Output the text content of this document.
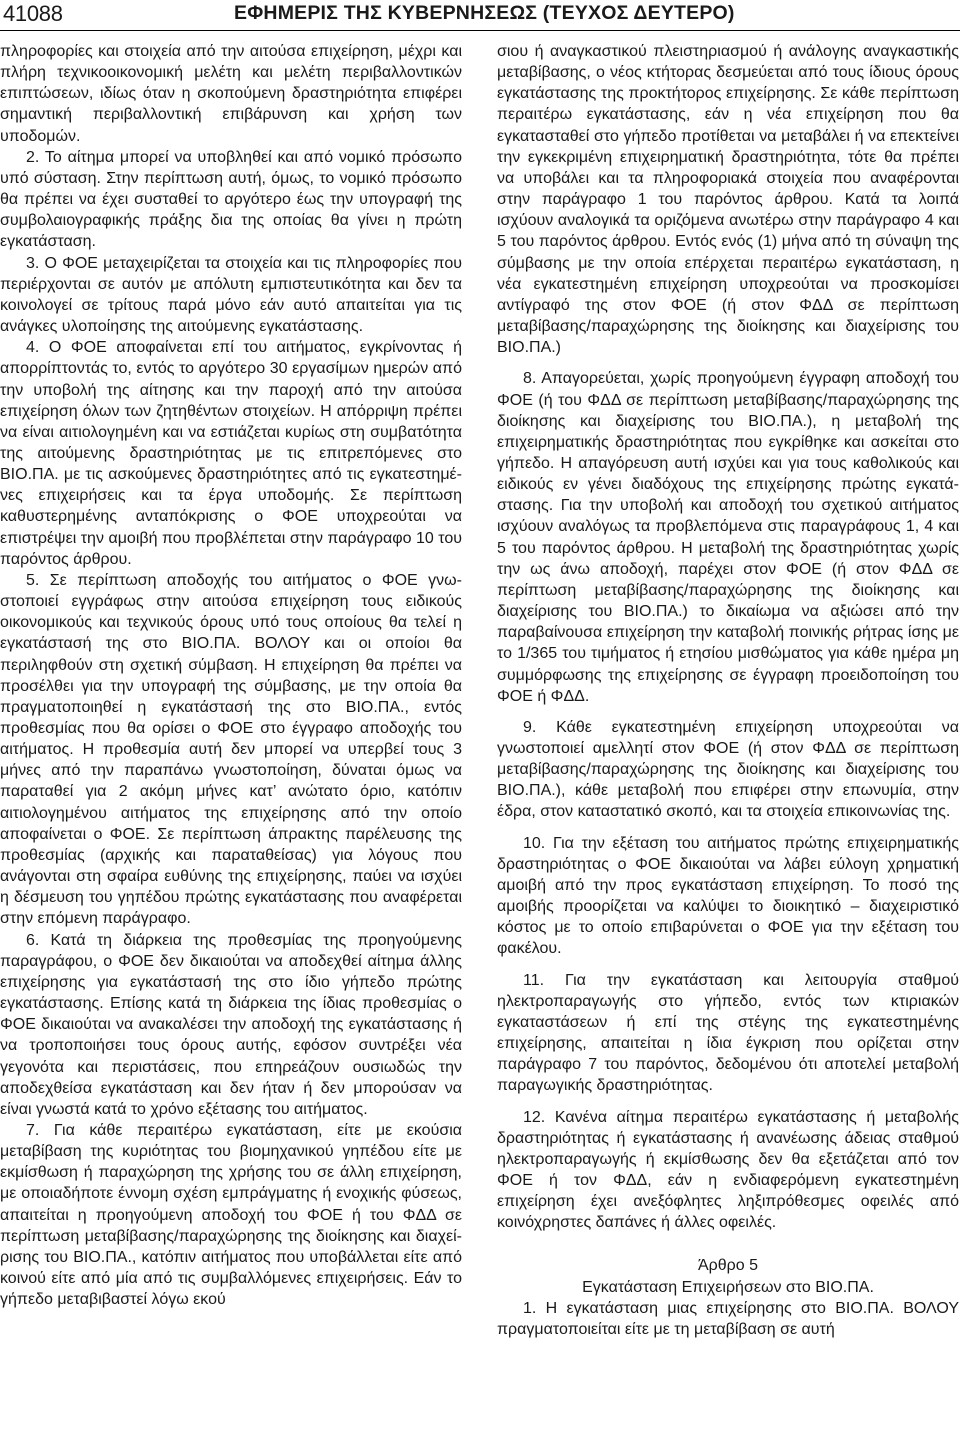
41088	ΕΦΗΜΕΡΙΣ ΤΗΣ ΚΥΒΕΡΝΗΣΕΩΣ (ΤΕΥΧΟΣ ΔΕΥΤΕΡΟ)

πληροφορίες και στοιχεία από την αιτούσα επιχείρηση, μέχρι και πλήρη τεχνικοοικονομική μελέτη και μελέτη περιβαλλοντικών επιπτώσεων, ιδίως όταν η σκοπούμενη δραστηριότητα επιφέρει σημαντική περιβαλλοντική επιβάρυνση και χρήση των υποδομών.

2. Το αίτημα μπορεί να υποβληθεί και από νομικό πρόσωπο υπό σύσταση. Στην περίπτωση αυτή, όμως, το νομικό πρόσωπο θα πρέπει να έχει συσταθεί το αργότερο έως την υπογραφή της συμβολαιογραφικής πράξης δια της οποίας θα γίνει η πρώτη εγκατάσταση.

3. Ο ΦΟΕ μεταχειρίζεται τα στοιχεία και τις πληροφορίες που περιέρχονται σε αυτόν με απόλυτη εμπιστευτικότητα και δεν τα κοινολογεί σε τρίτους παρά μόνο εάν αυτό απαιτείται για τις ανάγκες υλοποίησης της αιτούμενης εγκατάστασης.

4. Ο ΦΟΕ αποφαίνεται επί του αιτήματος, εγκρίνοντας ή απορρίπτοντάς το, εντός το αργότερο 30 εργασίμων ημερών από την υποβολή της αίτησης και την παροχή από την αιτούσα επιχείρηση όλων των ζητηθέντων στοιχείων. Η απόρριψη πρέπει να είναι αιτιολογημένη και να εστιάζεται κυρίως στη συμβατότητα της αιτούμενης δραστηριότητας με τις επιτρεπόμενες στο ΒΙΟ.ΠΑ. με τις ασκούμενες δραστηριότητες από τις εγκατεστημένες επιχειρήσεις και τα έργα υποδομής. Σε περίπτωση καθυστερημένης ανταπόκρισης ο ΦΟΕ υποχρεούται να επιστρέψει την αμοιβή που προβλέπεται στην παράγραφο 10 του παρόντος άρθρου.

5. Σε περίπτωση αποδοχής του αιτήματος ο ΦΟΕ γνωστοποιεί εγγράφως στην αιτούσα επιχείρηση τους ειδικούς οικονομικούς και τεχνικούς όρους υπό τους οποίους θα τελεί η εγκατάστασή της στο ΒΙΟ.ΠΑ. ΒΟΛΟΥ και οι οποίοι θα περιληφθούν στη σχετική σύμβαση. Η επιχείρηση θα πρέπει να προσέλθει για την υπογραφή της σύμβασης, με την οποία θα πραγματοποιηθεί η εγκατάστασή της στο ΒΙΟ.ΠΑ., εντός προθεσμίας που θα ορίσει ο ΦΟΕ στο έγγραφο αποδοχής του αιτήματος. Η προθεσμία αυτή δεν μπορεί να υπερβεί τους 3 μήνες από την παραπάνω γνωστοποίηση, δύναται όμως να παραταθεί για 2 ακόμη μήνες κατ’ ανώτατο όριο, κατόπιν αιτιολογημένου αιτήματος της επιχείρησης από την οποίο αποφαίνεται ο ΦΟΕ. Σε περίπτωση άπρακτης παρέλευσης της προθεσμίας (αρχικής και παραταθείσας) για λόγους που ανάγονται στη σφαίρα ευθύνης της επιχείρησης, παύει να ισχύει η δέσμευση του γηπέδου πρώτης εγκατάστασης που αναφέρεται στην επόμενη παράγραφο.

6. Κατά τη διάρκεια της προθεσμίας της προηγούμενης παραγράφου, ο ΦΟΕ δεν δικαιούται να αποδεχθεί αίτημα άλλης επιχείρησης για εγκατάστασή της στο ίδιο γήπεδο πρώτης εγκατάστασης. Επίσης κατά τη διάρκεια της ίδιας προθεσμίας ο ΦΟΕ δικαιούται να ανακαλέσει την αποδοχή της εγκατάστασης ή να τροποποιήσει τους όρους αυτής, εφόσον συντρέξει νέα γεγονότα και περιστάσεις, που επηρεάζουν ουσιωδώς την αποδεχθείσα εγκατάσταση και δεν ήταν ή δεν μπορούσαν να είναι γνωστά κατά το χρόνο εξέτασης του αιτήματος.

7. Για κάθε περαιτέρω εγκατάσταση, είτε με εκούσια μεταβίβαση της κυριότητας του βιομηχανικού γηπέδου είτε με εκμίσθωση ή παραχώρηση της χρήσης του σε άλλη επιχείρηση, με οποιαδήποτε έννομη σχέση εμπράγματης ή ενοχικής φύσεως, απαιτείται η προηγούμενη αποδοχή του ΦΟΕ ή του ΦΔΔ σε περίπτωση μεταβίβασης/παραχώρησης της διοίκησης και διαχείρισης του ΒΙΟ.ΠΑ., κατόπιν αιτήματος που υποβάλλεται είτε από κοινού είτε από μία από τις συμβαλλόμενες επιχειρήσεις. Εάν το γήπεδο μεταβιβαστεί λόγω εκού

σιου ή αναγκαστικού πλειστηριασμού ή ανάλογης αναγκαστικής μεταβίβασης, ο νέος κτήτορας δεσμεύεται από τους ίδιους όρους εγκατάστασης της προκτήτορος επιχείρησης. Σε κάθε περίπτωση περαιτέρω εγκατάστασης, εάν η νέα επιχείρηση που θα εγκατασταθεί στο γήπεδο προτίθεται να μεταβάλει ή να επεκτείνει την εγκεκριμένη επιχειρηματική δραστηριότητα, τότε θα πρέπει να υποβάλει και τα πληροφοριακά στοιχεία που αναφέρονται στην παράγραφο 1 του παρόντος άρθρου. Κατά τα λοιπά ισχύουν αναλογικά τα οριζόμενα ανωτέρω στην παράγραφο 4 και 5 του παρόντος άρθρου. Εντός ενός (1) μήνα από τη σύναψη της σύμβασης με την οποία επέρχεται περαιτέρω εγκατάσταση, η νέα εγκατεστημένη επιχείρηση υποχρεούται να προσκομίσει αντίγραφό της στον ΦΟΕ (ή στον ΦΔΔ σε περίπτωση μεταβίβασης/παραχώρησης της διοίκησης και διαχείρισης του ΒΙΟ.ΠΑ.)

8. Απαγορεύεται, χωρίς προηγούμενη έγγραφη αποδοχή του ΦΟΕ (ή του ΦΔΔ σε περίπτωση μεταβίβασης/παραχώρησης της διοίκησης και διαχείρισης του ΒΙΟ.ΠΑ.), η μεταβολή της επιχειρηματικής δραστηριότητας που εγκρίθηκε και ασκείται στο γήπεδο. Η απαγόρευση αυτή ισχύει και για τους καθολικούς και ειδικούς εν γένει διαδόχους της επιχείρησης πρώτης εγκατάστασης. Για την υποβολή και αποδοχή του σχετικού αιτήματος ισχύουν αναλόγως τα προβλεπόμενα στις παραγράφους 1, 4 και 5 του παρόντος άρθρου. Η μεταβολή της δραστηριότητας χωρίς την ως άνω αποδοχή, παρέχει στον ΦΟΕ (ή στον ΦΔΔ σε περίπτωση μεταβίβασης/παραχώρησης της διοίκησης και διαχείρισης του ΒΙΟ.ΠΑ.) το δικαίωμα να αξιώσει από την παραβαίνουσα επιχείρηση την καταβολή ποινικής ρήτρας ίσης με το 1/365 του τιμήματος ή ετησίου μισθώματος για κάθε ημέρα μη συμμόρφωσης της επιχείρησης σε έγγραφη προειδοποίηση του ΦΟΕ ή ΦΔΔ.

9. Κάθε εγκατεστημένη επιχείρηση υποχρεούται να γνωστοποιεί αμελλητί στον ΦΟΕ (ή στον ΦΔΔ σε περίπτωση μεταβίβασης/παραχώρησης της διοίκησης και διαχείρισης του ΒΙΟ.ΠΑ.), κάθε μεταβολή που επιφέρει στην επωνυμία, στην έδρα, στον καταστατικό σκοπό, και τα στοιχεία επικοινωνίας της.

10. Για την εξέταση του αιτήματος πρώτης επιχειρηματικής δραστηριότητας ο ΦΟΕ δικαιούται να λάβει εύλογη χρηματική αμοιβή από την προς εγκατάσταση επιχείρηση. Το ποσό της αμοιβής προορίζεται να καλύψει το διοικητικό – διαχειριστικό κόστος με το οποίο επιβαρύνεται ο ΦΟΕ για την εξέταση του φακέλου.

11. Για την εγκατάσταση και λειτουργία σταθμού ηλεκτροπαραγωγής στο γήπεδο, εντός των κτιριακών εγκαταστάσεων ή επί της στέγης της εγκατεστημένης επιχείρησης, απαιτείται η ίδια έγκριση που ορίζεται στην παράγραφο 7 του παρόντος, δεδομένου ότι αποτελεί μεταβολή παραγωγικής δραστηριότητας.

12. Κανένα αίτημα περαιτέρω εγκατάστασης ή μεταβολής δραστηριότητας ή εγκατάστασης ή ανανέωσης άδειας σταθμού ηλεκτροπαραγωγής ή εκμίσθωσης δεν θα εξετάζεται από τον ΦΟΕ ή τον ΦΔΔ, εάν η ενδιαφερόμενη εγκατεστημένη επιχείρηση έχει ανεξόφλητες ληξιπρόθεσμες οφειλές από κοινόχρηστες δαπάνες ή άλλες οφειλές.

Άρθρο 5
Εγκατάσταση Επιχειρήσεων στο ΒΙΟ.ΠΑ.

1. Η εγκατάσταση μιας επιχείρησης στο ΒΙΟ.ΠΑ. ΒΟΛΟΥ πραγματοποιείται είτε με τη μεταβίβαση σε αυτή
